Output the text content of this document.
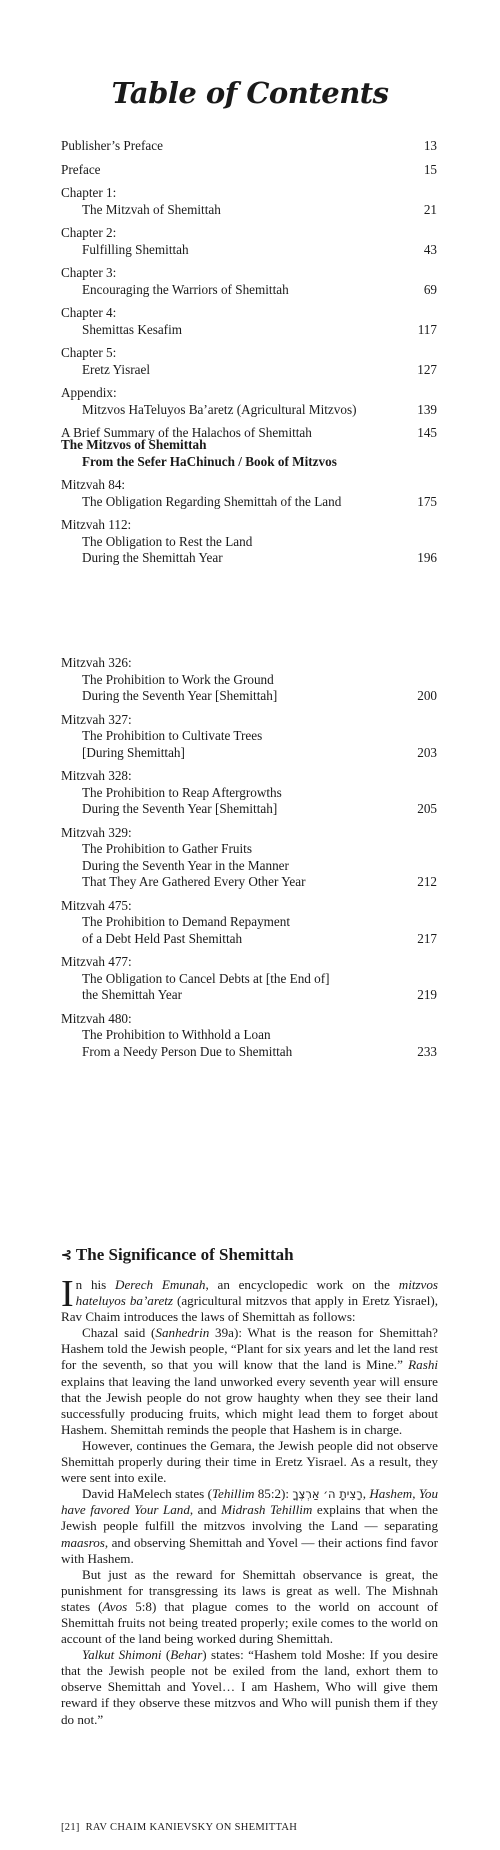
Table of Contents
Publisher’s Preface	13
Preface	15
Chapter 1:
The Mitzvah of Shemittah	21
Chapter 2:
Fulfilling Shemittah	43
Chapter 3:
Encouraging the Warriors of Shemittah	69
Chapter 4:
Shemittas Kesafim	117
Chapter 5:
Eretz Yisrael	127
Appendix:
Mitzvos HaTeluyos Ba’aretz (Agricultural Mitzvos)	139
A Brief Summary of the Halachos of Shemittah	145
The Mitzvos of Shemittah
From the Sefer HaChinuch / Book of Mitzvos
Mitzvah 84:
The Obligation Regarding Shemittah of the Land	175
Mitzvah 112:
The Obligation to Rest the Land
During the Shemittah Year	196
Mitzvah 326:
The Prohibition to Work the Ground
During the Seventh Year [Shemittah]	200
Mitzvah 327:
The Prohibition to Cultivate Trees
[During Shemittah]	203
Mitzvah 328:
The Prohibition to Reap Aftergrowths
During the Seventh Year [Shemittah]	205
Mitzvah 329:
The Prohibition to Gather Fruits
During the Seventh Year in the Manner
That They Are Gathered Every Other Year	212
Mitzvah 475:
The Prohibition to Demand Repayment
of a Debt Held Past Shemittah	217
Mitzvah 477:
The Obligation to Cancel Debts at [the End of]
the Shemittah Year	219
Mitzvah 480:
The Prohibition to Withhold a Loan
From a Needy Person Due to Shemittah	233
⊰ The Significance of Shemittah

In his Derech Emunah, an encyclopedic work on the mitzvos hateluyos ba’aretz (agricultural mitzvos that apply in Eretz Yisrael), Rav Chaim introduces the laws of Shemittah as follows:

Chazal said (Sanhedrin 39a): What is the reason for Shemittah? Hashem told the Jewish people, “Plant for six years and let the land rest for the seventh, so that you will know that the land is Mine.” Rashi explains that leaving the land unworked every seventh year will ensure that the Jewish people do not grow haughty when they see their land successfully producing fruits, which might lead them to forget about Hashem. Shemittah reminds the people that Hashem is in charge.

However, continues the Gemara, the Jewish people did not observe Shemittah properly during their time in Eretz Yisrael. As a result, they were sent into exile.

David HaMelech states (Tehillim 85:2): רָצִיתָ ה׳ אַרְצֶךָ, Hashem, You have favored Your Land, and Midrash Tehillim explains that when the Jewish people fulfill the mitzvos involving the Land — separating maasros, and observing Shemittah and Yovel — their actions find favor with Hashem.

But just as the reward for Shemittah observance is great, the punishment for transgressing its laws is great as well. The Mishnah states (Avos 5:8) that plague comes to the world on account of Shemittah fruits not being treated properly; exile comes to the world on account of the land being worked during Shemittah.

Yalkut Shimoni (Behar) states: “Hashem told Moshe: If you desire that the Jewish people not be exiled from the land, exhort them to observe Shemittah and Yovel… I am Hashem, Who will give them reward if they observe these mitzvos and Who will punish them if they do not.”

[21] RAV CHAIM KANIEVSKY ON SHEMITTAH
